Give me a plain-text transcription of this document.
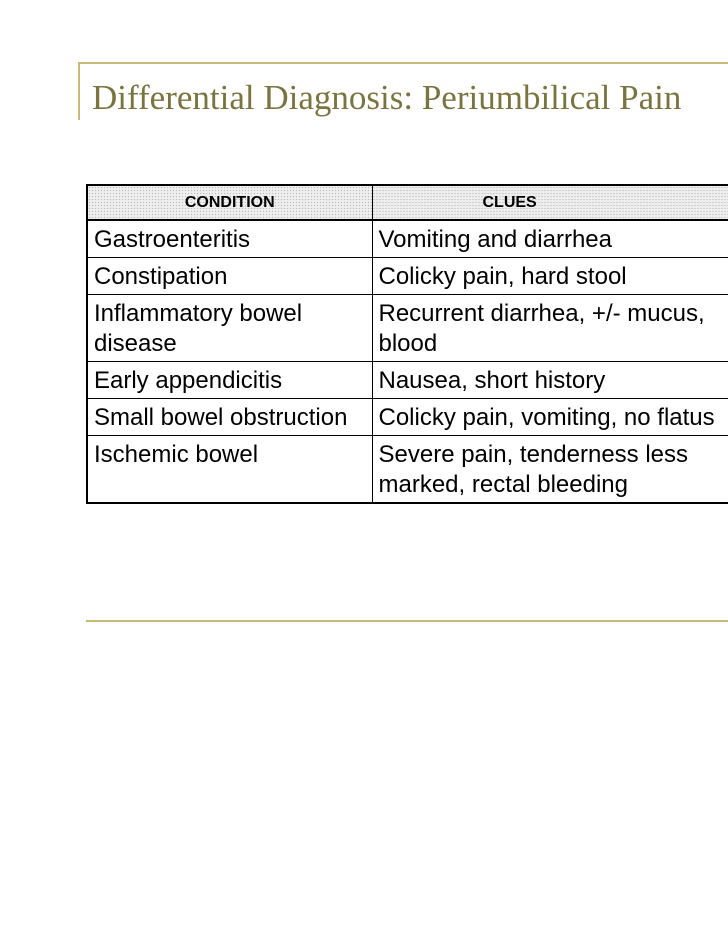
Differential Diagnosis: Periumbilical Pain
CONDITION	CLUES
Gastroenteritis	Vomiting and diarrhea
Constipation	Colicky pain, hard stool
Inflammatory bowel disease	Recurrent diarrhea, +/- mucus,
blood
Early appendicitis	Nausea, short history
Small bowel obstruction	Colicky pain, vomiting, no flatus
Ischemic bowel	Severe pain, tenderness less
marked, rectal bleeding
